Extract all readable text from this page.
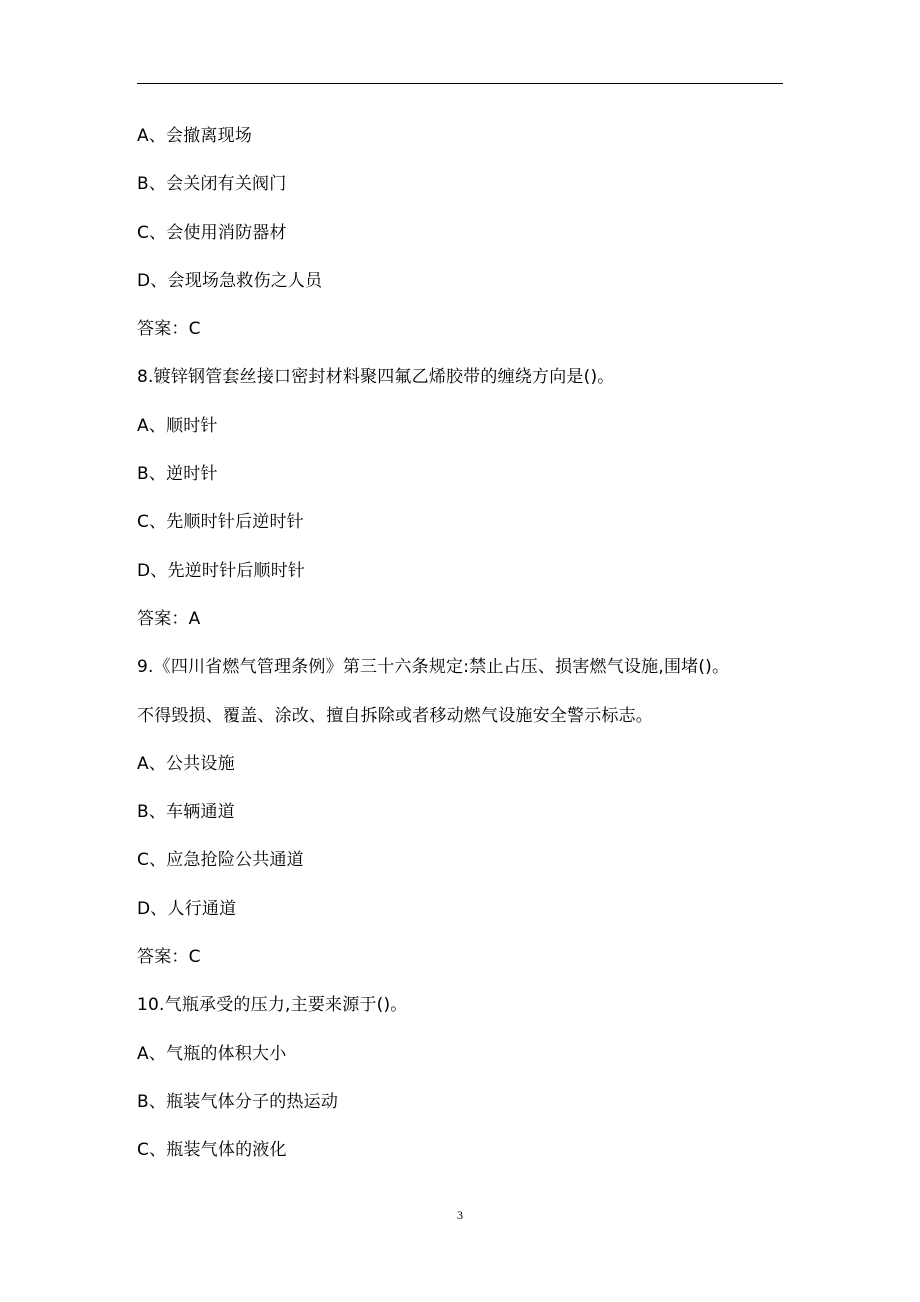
A、会撤离现场
B、会关闭有关阀门
C、会使用消防器材
D、会现场急救伤之人员
答案：C
8.镀锌钢管套丝接口密封材料聚四氟乙烯胶带的缠绕方向是()。
A、顺时针
B、逆时针
C、先顺时针后逆时针
D、先逆时针后顺时针
答案：A
9.《四川省燃气管理条例》第三十六条规定:禁止占压、损害燃气设施,围堵()。
不得毁损、覆盖、涂改、擅自拆除或者移动燃气设施安全警示标志。
A、公共设施
B、车辆通道
C、应急抢险公共通道
D、人行通道
答案：C
10.气瓶承受的压力,主要来源于()。
A、气瓶的体积大小
B、瓶装气体分子的热运动
C、瓶装气体的液化
3
